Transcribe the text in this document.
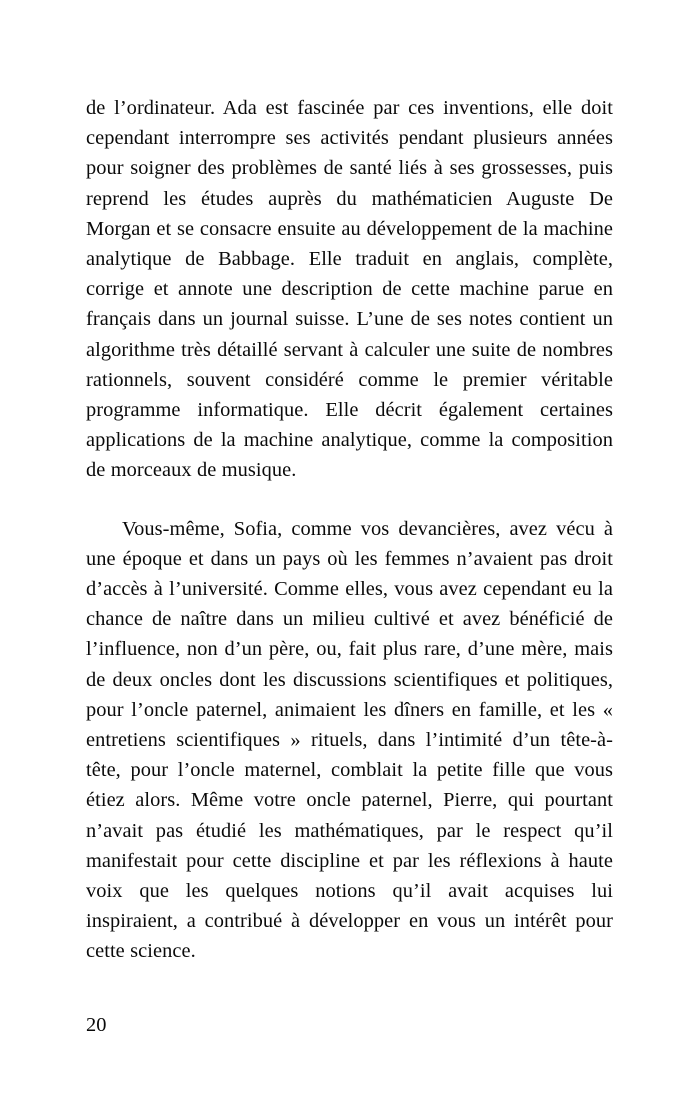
de l’ordinateur. Ada est fascinée par ces inventions, elle doit cependant interrompre ses activités pendant plusieurs années pour soigner des problèmes de santé liés à ses grossesses, puis reprend les études auprès du mathématicien Auguste De Morgan et se consacre ensuite au développement de la machine analytique de Babbage. Elle traduit en anglais, complète, corrige et annote une description de cette machine parue en français dans un journal suisse. L’une de ses notes contient un algorithme très détaillé servant à calculer une suite de nombres rationnels, souvent considéré comme le premier véritable programme informatique. Elle décrit également certaines applications de la machine analytique, comme la composition de morceaux de musique.

Vous-même, Sofia, comme vos devancières, avez vécu à une époque et dans un pays où les femmes n’avaient pas droit d’accès à l’université. Comme elles, vous avez cependant eu la chance de naître dans un milieu cultivé et avez bénéficié de l’influence, non d’un père, ou, fait plus rare, d’une mère, mais de deux oncles dont les discussions scientifiques et politiques, pour l’oncle paternel, animaient les dîners en famille, et les « entretiens scientifiques » rituels, dans l’intimité d’un tête-à-tête, pour l’oncle maternel, comblait la petite fille que vous étiez alors. Même votre oncle paternel, Pierre, qui pourtant n’avait pas étudié les mathématiques, par le respect qu’il manifestait pour cette discipline et par les réflexions à haute voix que les quelques notions qu’il avait acquises lui inspiraient, a contribué à développer en vous un intérêt pour cette science.

20
